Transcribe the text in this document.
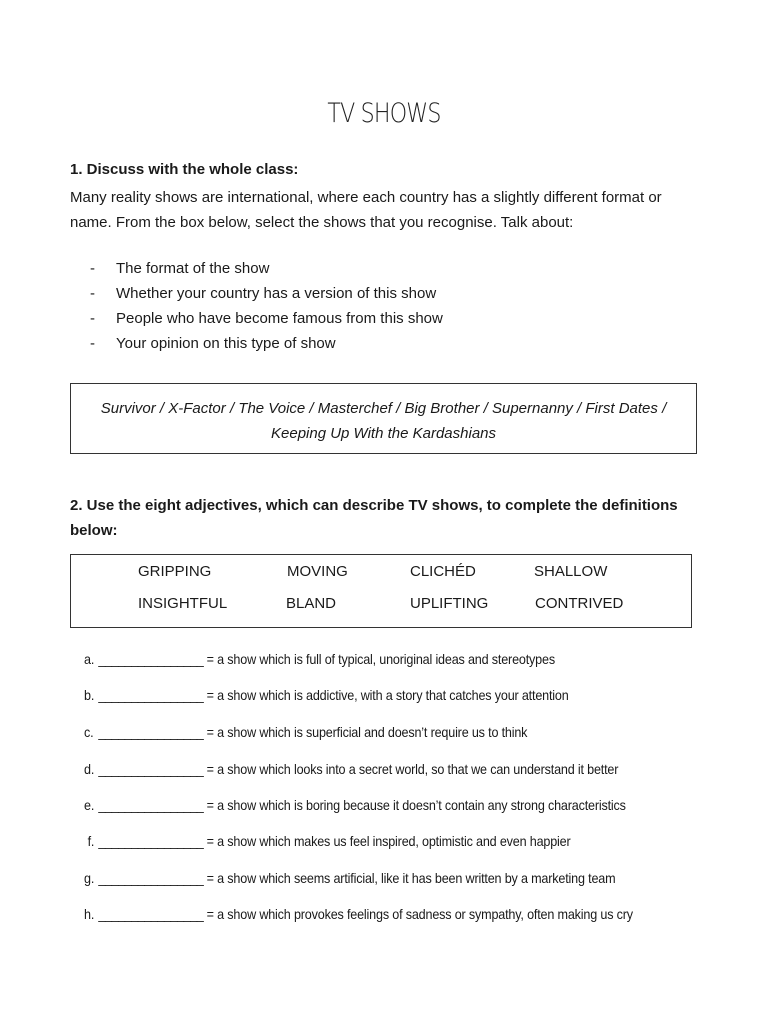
TV SHOWS
1. Discuss with the whole class:
Many reality shows are international, where each country has a slightly different format or name. From the box below, select the shows that you recognise. Talk about:
- The format of the show
- Whether your country has a version of this show
- People who have become famous from this show
- Your opinion on this type of show
Survivor / X-Factor / The Voice / Masterchef / Big Brother / Supernanny / First Dates /
Keeping Up With the Kardashians
2. Use the eight adjectives, which can describe TV shows, to complete the definitions below:
GRIPPING	MOVING	CLICHÉD	SHALLOW
INSIGHTFUL	BLAND	UPLIFTING	CONTRIVED
a. ________________ = a show which is full of typical, unoriginal ideas and stereotypes
b. ________________ = a show which is addictive, with a story that catches your attention
c. ________________ = a show which is superficial and doesn’t require us to think
d. ________________ = a show which looks into a secret world, so that we can understand it better
e. ________________ = a show which is boring because it doesn’t contain any strong characteristics
f. ________________ = a show which makes us feel inspired, optimistic and even happier
g. ________________ = a show which seems artificial, like it has been written by a marketing team
h. ________________ = a show which provokes feelings of sadness or sympathy, often making us cry
